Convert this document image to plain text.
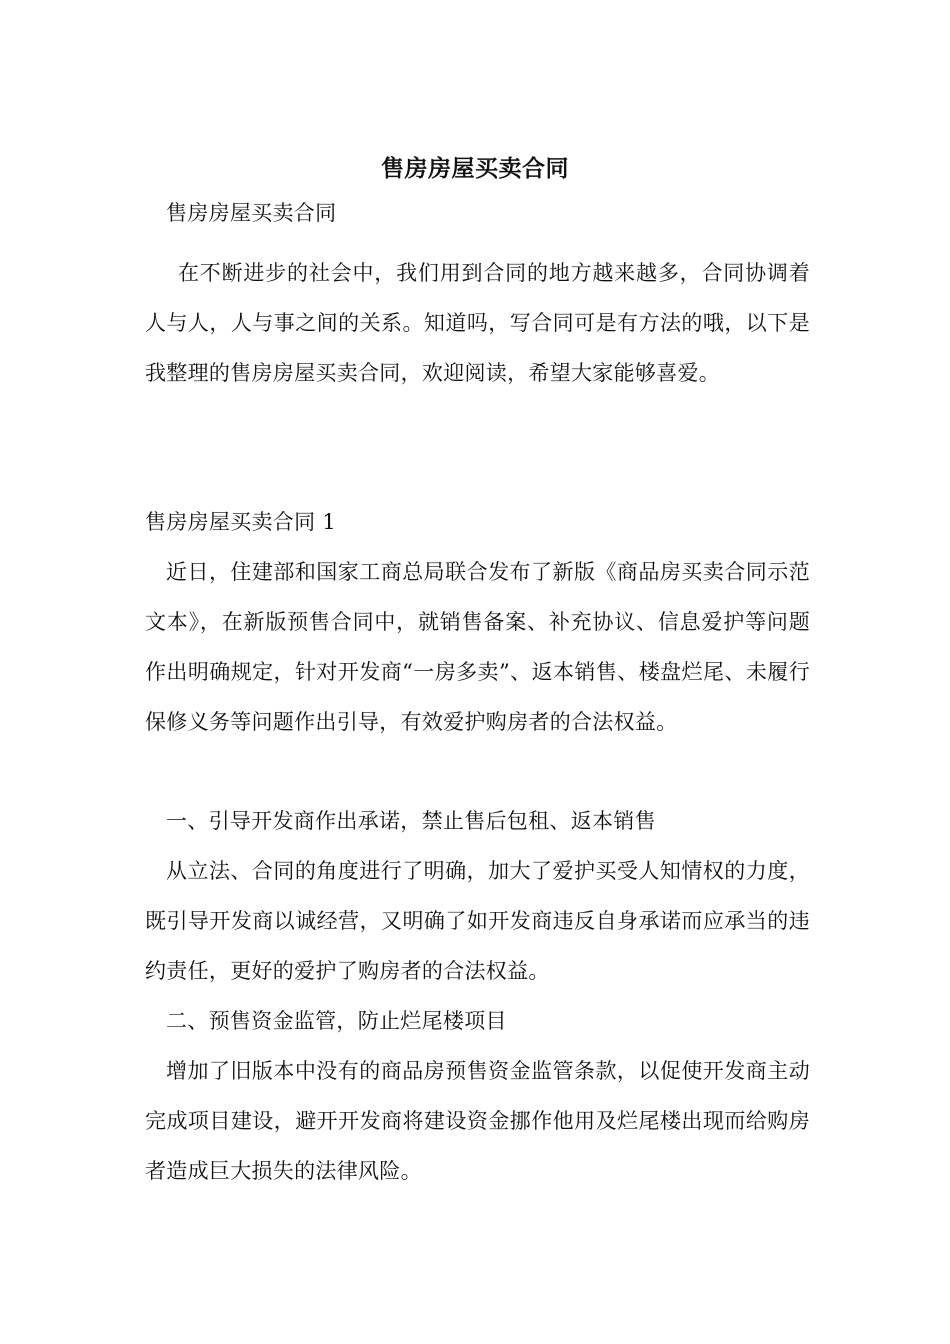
售房房屋买卖合同

售房房屋买卖合同

在不断进步的社会中，我们用到合同的地方越来越多，合同协调着人与人，人与事之间的关系。知道吗，写合同可是有方法的哦，以下是我整理的售房房屋买卖合同，欢迎阅读，希望大家能够喜爱。

售房房屋买卖合同 1

近日，住建部和国家工商总局联合发布了新版《商品房买卖合同示范文本》，在新版预售合同中，就销售备案、补充协议、信息爱护等问题作出明确规定，针对开发商“一房多卖”、返本销售、楼盘烂尾、未履行保修义务等问题作出引导，有效爱护购房者的合法权益。

一、引导开发商作出承诺，禁止售后包租、返本销售

从立法、合同的角度进行了明确，加大了爱护买受人知情权的力度，既引导开发商以诚经营，又明确了如开发商违反自身承诺而应承当的违约责任，更好的爱护了购房者的合法权益。

二、预售资金监管，防止烂尾楼项目

增加了旧版本中没有的商品房预售资金监管条款，以促使开发商主动完成项目建设，避开开发商将建设资金挪作他用及烂尾楼出现而给购房者造成巨大损失的法律风险。
